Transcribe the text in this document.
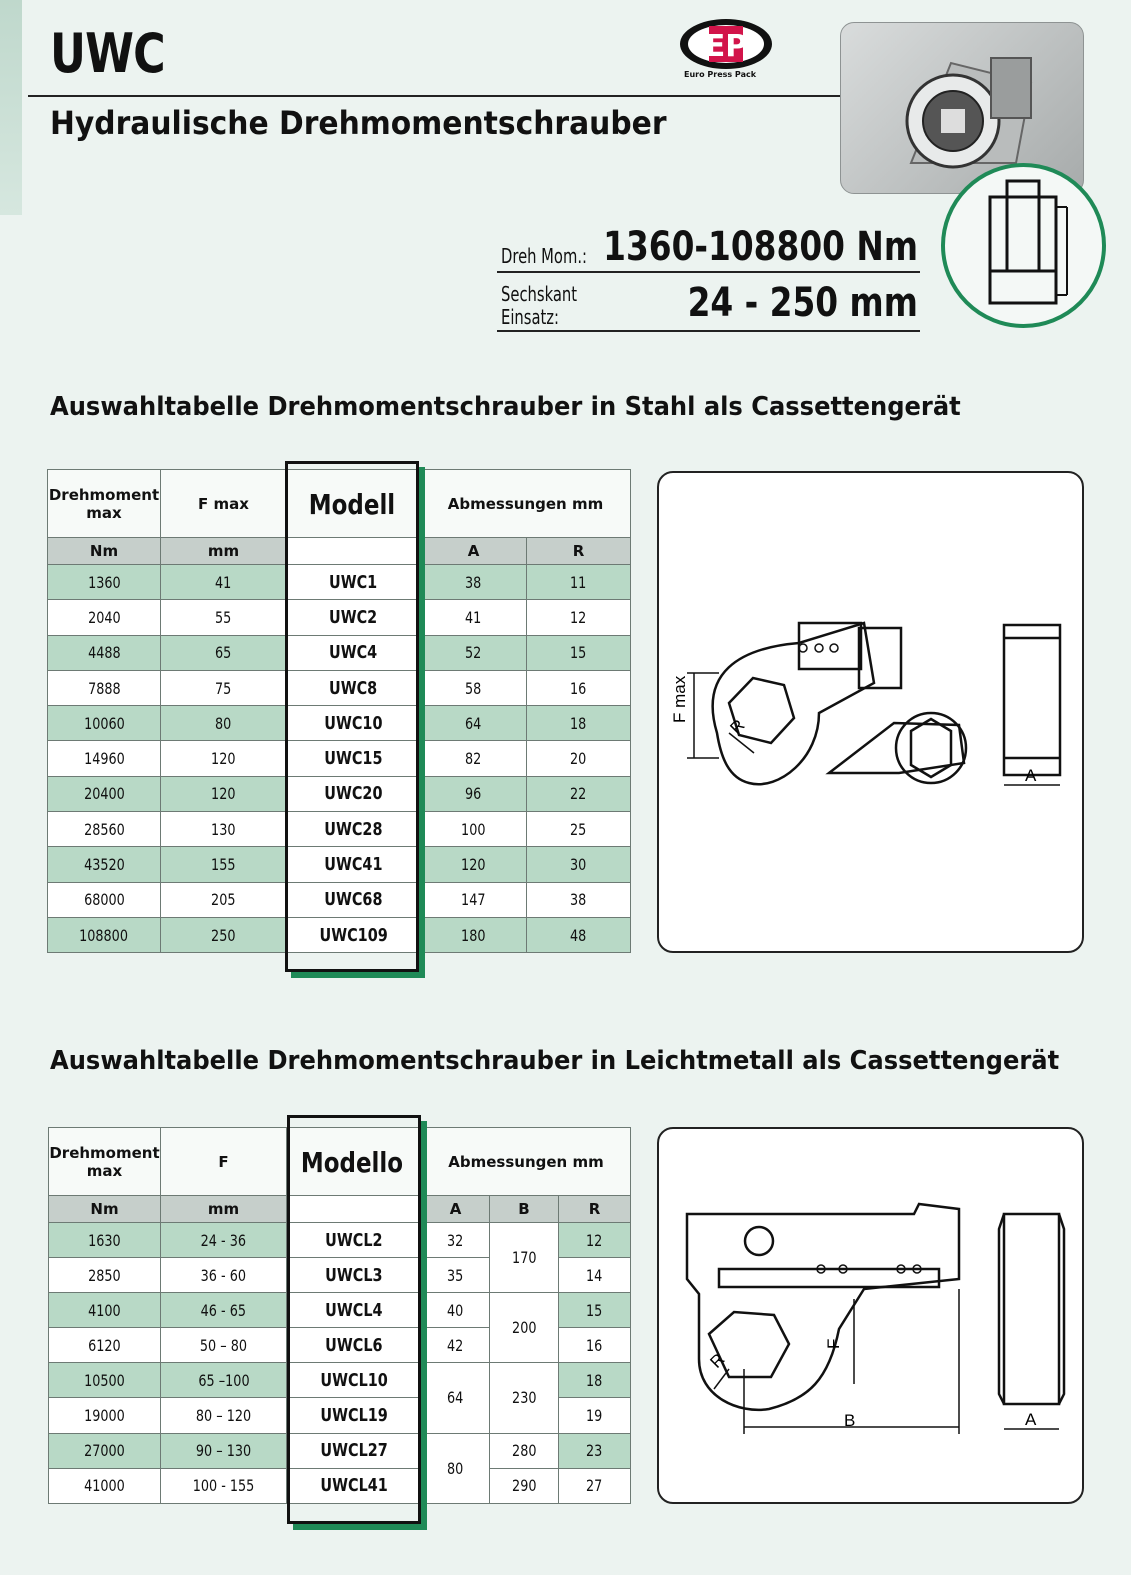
UWC
Hydraulische Drehmomentschrauber
EP
Euro Press Pack
Dreh Mom.: 1360-108800 Nm
Sechskant
Einsatz:	24 - 250 mm
Auswahltabelle Drehmomentschrauber in Stahl als Cassettengerät
Drehmoment max	F max		Abmessungen mm	
Nm	mm		A	R
1360	41	UWC1	38	11
2040	55	UWC2	41	12
4488	65	UWC4	52	15
7888	75	UWC8	58	16
10060	80	UWC10	64	18
14960	120	UWC15	82	20
20400	120	UWC20	96	22
28560	130	UWC28	100	25
43520	155	UWC41	120	30
68000	205	UWC68	147	38
108800	250	UWC109	180	48
Modell
F max
R
A
Auswahltabelle Drehmomentschrauber in Leichtmetall als Cassettengerät
Drehmoment max	F		Abmessungen mm		
Nm	mm		A	B	R
1630	24 - 36	UWCL2	32	170	12
2850	36 - 60	UWCL3	35		14
4100	46 - 65	UWCL4	40	200	15
6120	50 – 80	UWCL6	42		16
10500	65 –100	UWCL10	64	230	18
19000	80 – 120	UWCL19			19
27000	90 – 130	UWCL27	80	280	23
41000	100 - 155	UWCL41		290	27
Modello
B
F
R
A
